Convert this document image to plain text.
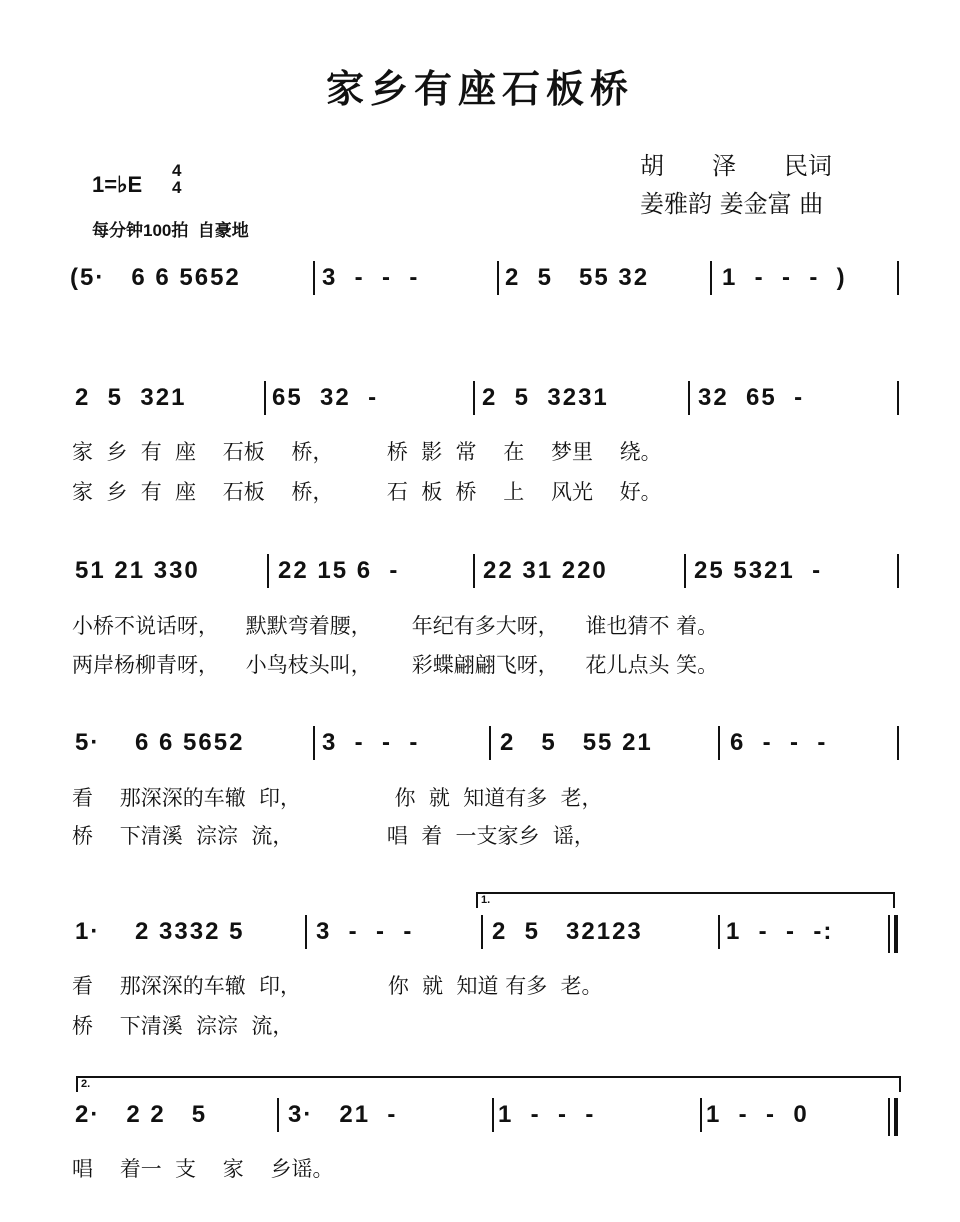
家乡有座石板桥
胡　　泽　　民词
姜雅韵 姜金富 曲
1=♭E
4
4
每分钟100拍  自豪地
(5·   6 6 5652	3  -  -  -	2  5   55 32	1  -  -  -  )
2  5  321	65  32  -	2  5  3231	32  65  -
51 21 330	22 15 6  -	22 31 220	25 5321  -
5·    6 6 5652	3  -  -  -	2   5   55 21	6  -  -  -
1·    2 3332 5	3  -  -  -	2  5   32123	1  -  -  -:
2·   2 2   5	3·   21  -	1  -  -  -	1  -  -  0
1.
2.
家  乡  有  座    石板    桥，        桥  影  常    在    梦里    绕。
家  乡  有  座    石板    桥，        石  板  桥    上    风光    好。
小桥不说话呀，    默默弯着腰，      年纪有多大呀，    谁也猜不 着。
两岸杨柳青呀，    小鸟枝头叫，      彩蝶翩翩飞呀，    花儿点头 笑。
看    那深深的车辙  印，              你  就  知道有多  老，
桥    下清溪  淙淙  流，              唱  着  一支家乡  谣，
看    那深深的车辙  印，             你  就  知道 有多  老。
桥    下清溪  淙淙  流，
唱    着一  支    家    乡谣。
